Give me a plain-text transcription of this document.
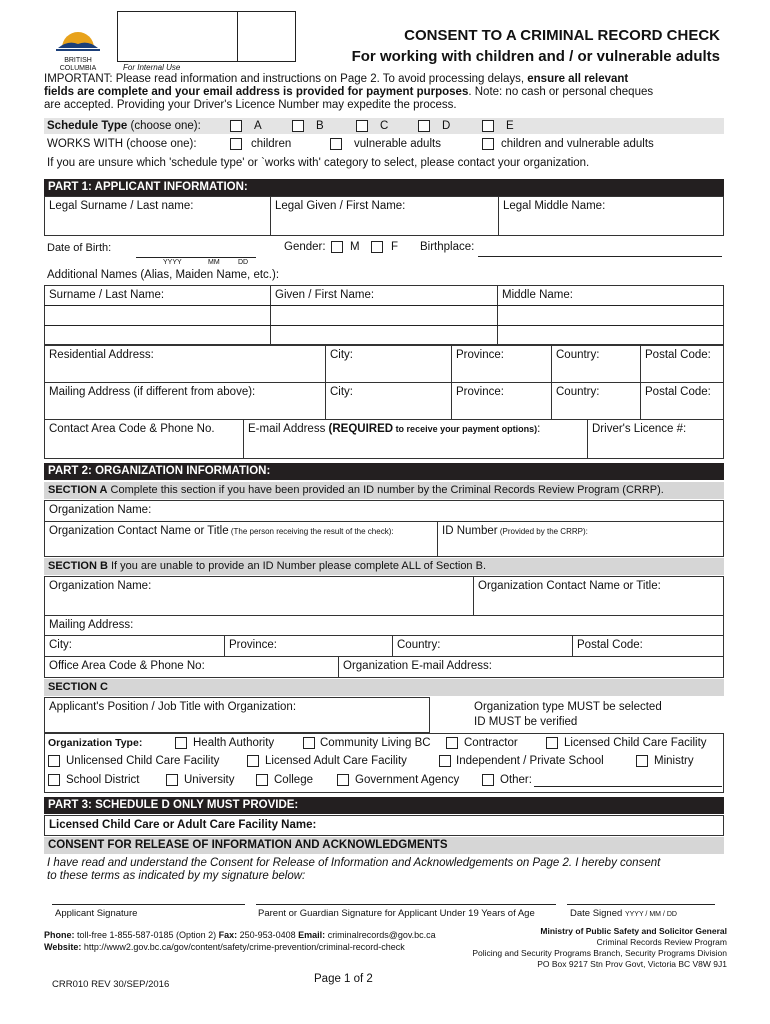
BRITISH COLUMBIA	For Internal Use
CONSENT TO A CRIMINAL RECORD CHECK
For working with children and / or vulnerable adults
IMPORTANT: Please read information and instructions on Page 2. To avoid processing delays, ensure all relevant
fields are complete and your email address is provided for payment purposes. Note: no cash or personal cheques
are accepted. Providing your Driver's Licence Number may expedite the process.
Schedule Type (choose one):	A	B	C	D	E
WORKS WITH (choose one):	children	vulnerable adults	children and vulnerable adults
If you are unsure which 'schedule type' or `works with' category to select, please contact your organization.
PART 1: APPLICANT INFORMATION:
Legal Surname / Last name:	Legal Given / First Name:	Legal Middle Name:
Date of Birth:
YYYY	MM	DD
Gender: M	F Birthplace:
Additional Names (Alias, Maiden Name, etc.):
Surname / Last Name:	Given / First Name:	Middle Name:
Residential Address:	City:	Province:	Country:	Postal Code:
Mailing Address (if different from above):	City:	Province:	Country:	Postal Code:
Contact Area Code & Phone No.	E-mail Address (REQUIRED to receive your payment options):	Driver's Licence #:
PART 2: ORGANIZATION INFORMATION:
SECTION A Complete this section if you have been provided an ID number by the Criminal Records Review Program (CRRP).
Organization Name:
Organization Contact Name or Title (The person receiving the result of the check):	ID Number (Provided by the CRRP):
SECTION B If you are unable to provide an ID Number please complete ALL of Section B.
Organization Name:	Organization Contact Name or Title:
Mailing Address:
City:	Province:	Country:	Postal Code:
Office Area Code & Phone No:	Organization E-mail Address:
SECTION C
Applicant's Position / Job Title with Organization:	Organization type MUST be selected
ID MUST be verified
Organization Type:	Health Authority	Community Living BC	Contractor	Licensed Child Care Facility
Unlicensed Child Care Facility	Licensed Adult Care Facility	Independent / Private School	Ministry
School District	University	College	Government Agency	Other:
PART 3: SCHEDULE D ONLY MUST PROVIDE:
Licensed Child Care or Adult Care Facility Name:
CONSENT FOR RELEASE OF INFORMATION AND ACKNOWLEDGMENTS
I have read and understand the Consent for Release of Information and Acknowledgements on Page 2. I hereby consent
to these terms as indicated by my signature below:
Applicant Signature	Parent or Guardian Signature for Applicant Under 19 Years of Age	Date Signed YYYY / MM / DD
Phone: toll-free 1-855-587-0185 (Option 2) Fax: 250-953-0408 Email: criminalrecords@gov.bc.ca
Website: http://www2.gov.bc.ca/gov/content/safety/crime-prevention/criminal-record-check
Ministry of Public Safety and Solicitor General
Criminal Records Review Program
Policing and Security Programs Branch, Security Programs Division
PO Box 9217 Stn Prov Govt, Victoria BC V8W 9J1
CRR010 REV 30/SEP/2016	Page 1 of 2
